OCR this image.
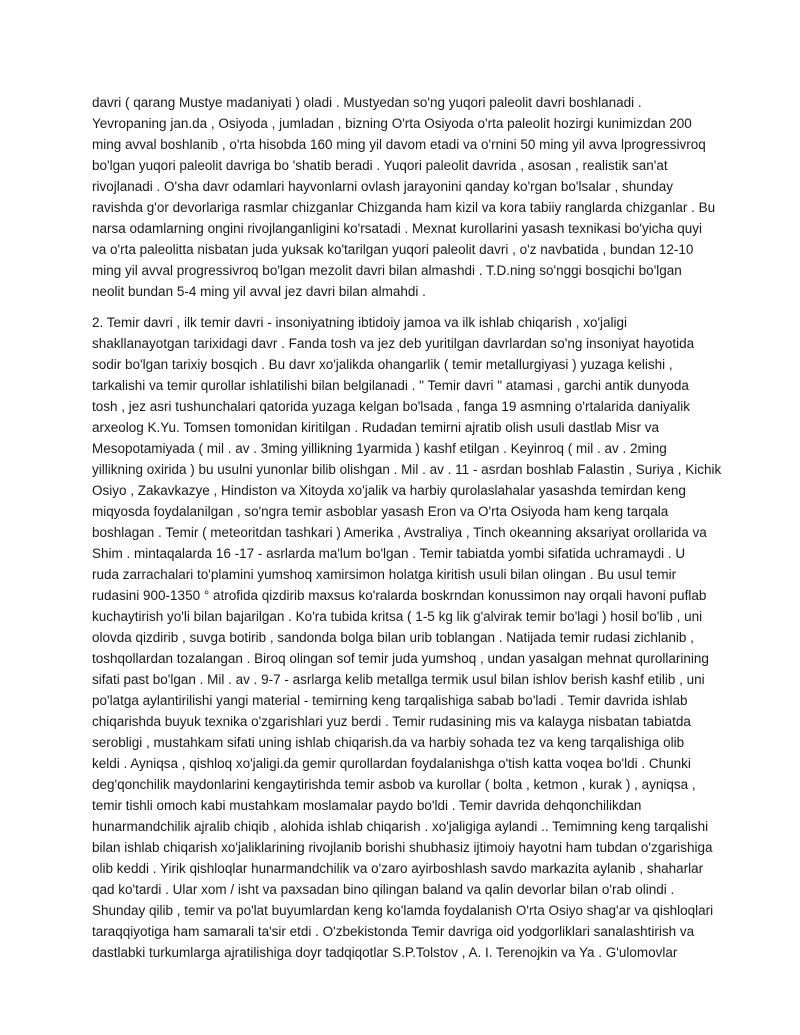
davri ( qarang Mustye madaniyati ) oladi . Mustyedan so'ng yuqori paleolit davri boshlanadi .
Yevropaning jan.da , Osiyoda , jumladan , bizning O'rta Osiyoda o'rta paleolit hozirgi kunimizdan 200
ming avval boshlanib , o'rta hisobda 160 ming yil davom etadi va o'rnini 50 ming yil avva lprogressivroq
bo'lgan yuqori paleolit davriga bo 'shatib beradi . Yuqori paleolit davrida , asosan , realistik san'at
rivojlanadi . O'sha davr odamlari hayvonlarni ovlash jarayonini qanday ko'rgan bo'lsalar , shunday
ravishda g'or devorlariga rasmlar chizganlar Chizganda ham kizil va kora tabiiy ranglarda chizganlar . Bu
narsa odamlarning ongini rivojlanganligini ko'rsatadi . Mexnat kurollarini yasash texnikasi bo'yicha quyi
va o'rta paleolitta nisbatan juda yuksak ko'tarilgan yuqori paleolit davri , o'z navbatida , bundan 12-10
ming yil avval progressivroq bo'lgan mezolit davri bilan almashdi . T.D.ning so'nggi bosqichi bo'lgan
neolit bundan 5-4 ming yil avval jez davri bilan almahdi .

2. Temir davri , ilk temir davri - insoniyatning ibtidoiy jamoa va ilk ishlab chiqarish , xo'jaligi
shakllanayotgan tarixidagi davr . Fanda tosh va jez deb yuritilgan davrlardan so'ng insoniyat hayotida
sodir bo'lgan tarixiy bosqich . Bu davr xo'jalikda ohangarlik ( temir metallurgiyasi ) yuzaga kelishi ,
tarkalishi va temir qurollar ishlatilishi bilan belgilanadi . " Temir davri " atamasi , garchi antik dunyoda
tosh , jez asri tushunchalari qatorida yuzaga kelgan bo'lsada , fanga 19 asmning o'rtalarida daniyalik
arxeolog K.Yu. Tomsen tomonidan kiritilgan . Rudadan temirni ajratib olish usuli dastlab Misr va
Mesopotamiyada ( mil . av . 3ming yillikning 1yarmida ) kashf etilgan . Keyinroq ( mil . av . 2ming
yillikning oxirida ) bu usulni yunonlar bilib olishgan . Mil . av . 11 - asrdan boshlab Falastin , Suriya , Kichik
Osiyo , Zakavkazye , Hindiston va Xitoyda xo'jalik va harbiy qurolaslahalar yasashda temirdan keng
miqyosda foydalanilgan , so'ngra temir asboblar yasash Eron va O'rta Osiyoda ham keng tarqala
boshlagan . Temir ( meteoritdan tashkari ) Amerika , Avstraliya , Tinch okeanning aksariyat orollarida va
Shim . mintaqalarda 16 -17 - asrlarda ma'lum bo'lgan . Temir tabiatda yombi sifatida uchramaydi . U
ruda zarrachalari to'plamini yumshoq xamirsimon holatga kiritish usuli bilan olingan . Bu usul temir
rudasini 900-1350 ° atrofida qizdirib maxsus ko'ralarda boskrndan konussimon nay orqali havoni puflab
kuchaytirish yo'li bilan bajarilgan . Ko'ra tubida kritsa ( 1-5 kg lik g'alvirak temir bo'lagi ) hosil bo'lib , uni
olovda qizdirib , suvga botirib , sandonda bolga bilan urib toblangan . Natijada temir rudasi zichlanib ,
toshqollardan tozalangan . Biroq olingan sof temir juda yumshoq , undan yasalgan mehnat qurollarining
sifati past bo'lgan . Mil . av . 9-7 - asrlarga kelib metallga termik usul bilan ishlov berish kashf etilib , uni
po'latga aylantirilishi yangi material - temirning keng tarqalishiga sabab bo'ladi . Temir davrida ishlab
chiqarishda buyuk texnika o'zgarishlari yuz berdi . Temir rudasining mis va kalayga nisbatan tabiatda
serobligi , mustahkam sifati uning ishlab chiqarish.da va harbiy sohada tez va keng tarqalishiga olib
keldi . Ayniqsa , qishloq xo'jaligi.da gemir qurollardan foydalanishga o'tish katta voqea bo'ldi . Chunki
deg'qonchilik maydonlarini kengaytirishda temir asbob va kurollar ( bolta , ketmon , kurak ) , ayniqsa ,
temir tishli omoch kabi mustahkam moslamalar paydo bo'ldi . Temir davrida dehqonchilikdan
hunarmandchilik ajralib chiqib , alohida ishlab chiqarish . xo'jaligiga aylandi .. Temimning keng tarqalishi
bilan ishlab chiqarish xo'jaliklarining rivojlanib borishi shubhasiz ijtimoiy hayotni ham tubdan o'zgarishiga
olib keddi . Yirik qishloqlar hunarmandchilik va o'zaro ayirboshlash savdo markazita aylanib , shaharlar
qad ko'tardi . Ular xom / isht va paxsadan bino qilingan baland va qalin devorlar bilan o'rab olindi .
Shunday qilib , temir va po'lat buyumlardan keng ko'lamda foydalanish O'rta Osiyo shag'ar va qishloqlari
taraqqiyotiga ham samarali ta'sir etdi . O'zbekistonda Temir davriga oid yodgorliklari sanalashtirish va
dastlabki turkumlarga ajratilishiga doyr tadqiqotlar S.P.Tolstov , A. I. Terenojkin va Ya . G'ulomovlar
